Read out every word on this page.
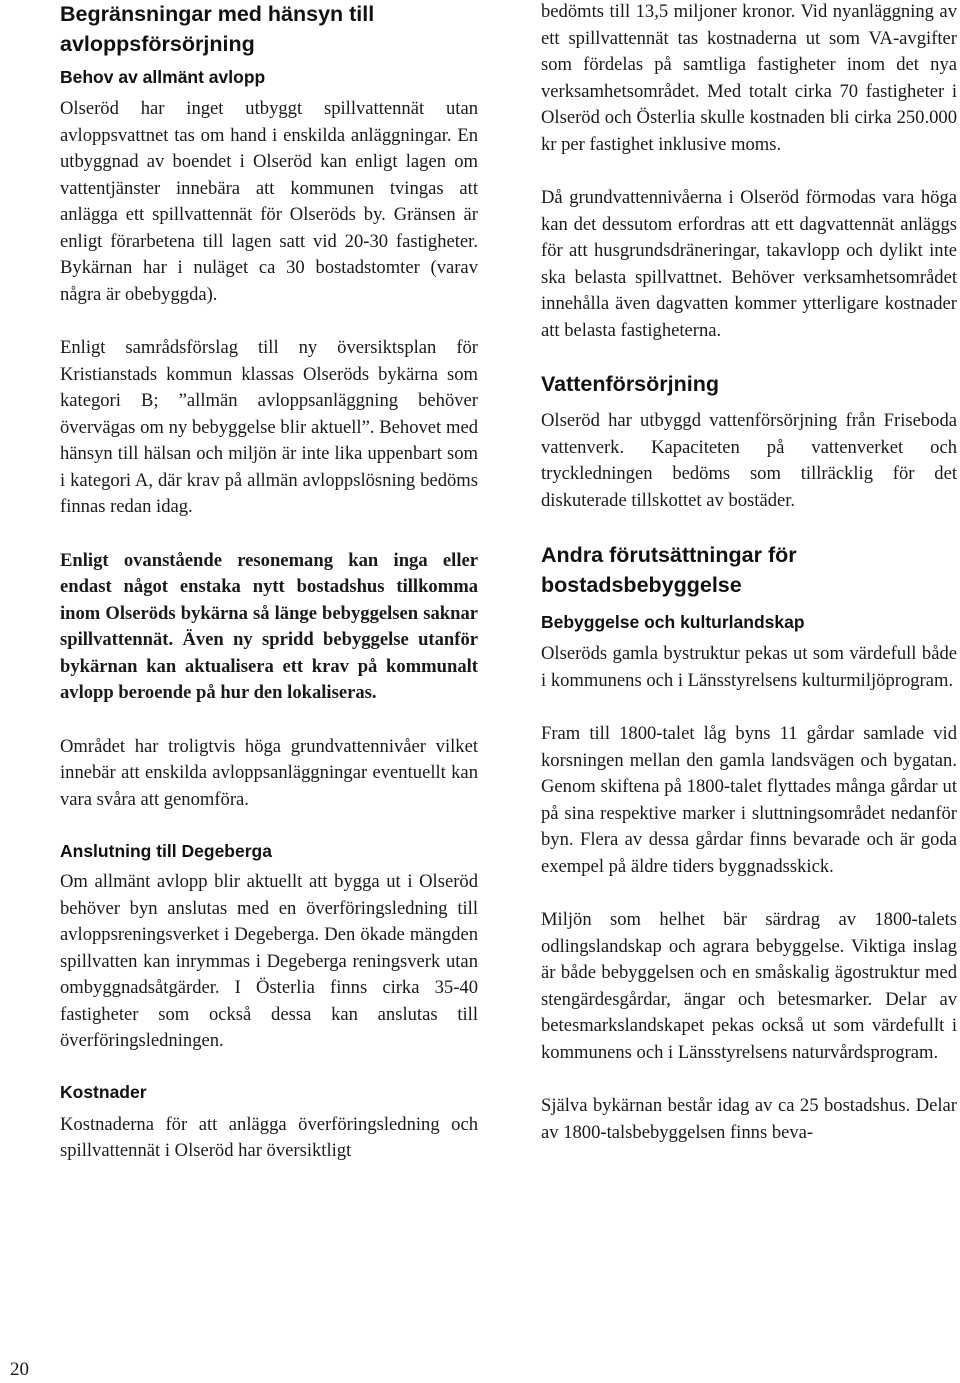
Begränsningar med hänsyn till avloppsförsörjning
Behov av allmänt avlopp

Olseröd har inget utbyggt spillvattennät utan avloppsvattnet tas om hand i enskilda anläggningar. En utbyggnad av boendet i Olseröd kan enligt lagen om vattentjänster innebära att kommunen tvingas att anlägga ett spillvattennät för Olseröds by. Gränsen är enligt förarbetena till lagen satt vid 20-30 fastigheter. Bykärnan har i nuläget ca 30 bostadstomter (varav några är obebyggda).

Enligt samrådsförslag till ny översiktsplan för Kristianstads kommun klassas Olseröds bykärna som kategori B; ”allmän avloppsanläggning behöver övervägas om ny bebyggelse blir aktuell”. Behovet med hänsyn till hälsan och miljön är inte lika uppenbart som i kategori A, där krav på allmän avloppslösning bedöms finnas redan idag.

Enligt ovanstående resonemang kan inga eller endast något enstaka nytt bostadshus tillkomma inom Olseröds bykärna så länge bebyggelsen saknar spillvattennät. Även ny spridd bebyggelse utanför bykärnan kan aktualisera ett krav på kommunalt avlopp beroende på hur den lokaliseras.

Området har troligtvis höga grundvattennivåer vilket innebär att enskilda avloppsanläggningar eventuellt kan vara svåra att genomföra.

Anslutning till Degeberga

Om allmänt avlopp blir aktuellt att bygga ut i Olseröd behöver byn anslutas med en överföringsledning till avloppsreningsverket i Degeberga. Den ökade mängden spillvatten kan inrymmas i Degeberga reningsverk utan ombyggnadsåtgärder. I Österlia finns cirka 35-40 fastigheter som också dessa kan anslutas till överföringsledningen.

Kostnader

Kostnaderna för att anlägga överföringsledning och spillvattennät i Olseröd har översiktligt

bedömts till 13,5 miljoner kronor. Vid nyanläggning av ett spillvattennät tas kostnaderna ut som VA-avgifter som fördelas på samtliga fastigheter inom det nya verksamhetsområdet. Med totalt cirka 70 fastigheter i Olseröd och Österlia skulle kostnaden bli cirka 250.000 kr per fastighet inklusive moms.

Då grundvattennivåerna i Olseröd förmodas vara höga kan det dessutom erfordras att ett dagvattennät anläggs för att husgrundsdräneringar, takavlopp och dylikt inte ska belasta spillvattnet. Behöver verksamhetsområdet innehålla även dagvatten kommer ytterligare kostnader att belasta fastigheterna.

Vattenförsörjning

Olseröd har utbyggd vattenförsörjning från Friseboda vattenverk. Kapaciteten på vattenverket och tryckledningen bedöms som tillräcklig för det diskuterade tillskottet av bostäder.

Andra förutsättningar för bostadsbebyggelse
Bebyggelse och kulturlandskap

Olseröds gamla bystruktur pekas ut som värdefull både i kommunens och i Länsstyrelsens kulturmiljöprogram.

Fram till 1800-talet låg byns 11 gårdar samlade vid korsningen mellan den gamla landsvägen och bygatan. Genom skiftena på 1800-talet flyttades många gårdar ut på sina respektive marker i sluttningsområdet nedanför byn. Flera av dessa gårdar finns bevarade och är goda exempel på äldre tiders byggnadsskick.

Miljön som helhet bär särdrag av 1800-talets odlingslandskap och agrara bebyggelse. Viktiga inslag är både bebyggelsen och en småskalig ägostruktur med stengärdesgårdar, ängar och betesmarker. Delar av betesmarkslandskapet pekas också ut som värdefullt i kommunens och i Länsstyrelsens naturvårdsprogram.

Själva bykärnan består idag av ca 25 bostadshus. Delar av 1800-talsbebyggelsen finns beva-

20
